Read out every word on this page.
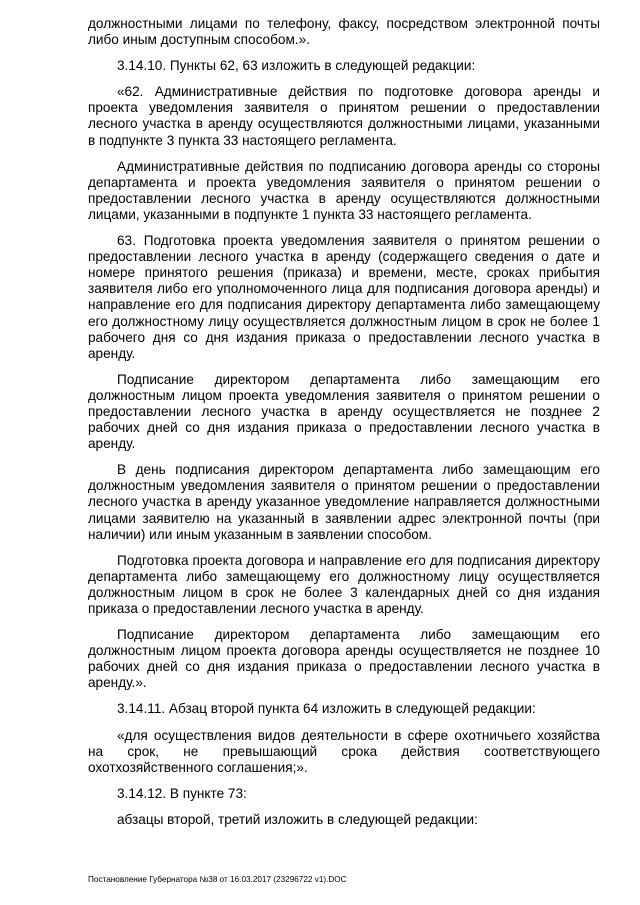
должностными лицами по телефону, факсу, посредством электронной почты либо иным доступным способом.».

3.14.10. Пункты 62, 63 изложить в следующей редакции:

«62. Административные действия по подготовке договора аренды и проекта уведомления заявителя о принятом решении о предоставлении лесного участка в аренду осуществляются должностными лицами, указанными в подпункте 3 пункта 33 настоящего регламента.

Административные действия по подписанию договора аренды со стороны департамента и проекта уведомления заявителя о принятом решении о предоставлении лесного участка в аренду осуществляются должностными лицами, указанными в подпункте 1 пункта 33 настоящего регламента.

63. Подготовка проекта уведомления заявителя о принятом решении о предоставлении лесного участка в аренду (содержащего сведения о дате и номере принятого решения (приказа) и времени, месте, сроках прибытия заявителя либо его уполномоченного лица для подписания договора аренды) и направление его для подписания директору департамента либо замещающему его должностному лицу осуществляется должностным лицом в срок не более 1 рабочего дня со дня издания приказа о предоставлении лесного участка в аренду.

Подписание директором департамента либо замещающим его должностным лицом проекта уведомления заявителя о принятом решении о предоставлении лесного участка в аренду осуществляется не позднее 2 рабочих дней со дня издания приказа о предоставлении лесного участка в аренду.

В день подписания директором департамента либо замещающим его должностным уведомления заявителя о принятом решении о предоставлении лесного участка в аренду указанное уведомление направляется должностными лицами заявителю на указанный в заявлении адрес электронной почты (при наличии) или иным указанным в заявлении способом.

Подготовка проекта договора и направление его для подписания директору департамента либо замещающему его должностному лицу осуществляется должностным лицом в срок не более 3 календарных дней со дня издания приказа о предоставлении лесного участка в аренду.

Подписание директором департамента либо замещающим его должностным лицом проекта договора аренды осуществляется не позднее 10 рабочих дней со дня издания приказа о предоставлении лесного участка в аренду.».

3.14.11. Абзац второй пункта 64 изложить в следующей редакции:

«для осуществления видов деятельности в сфере охотничьего хозяйства на срок, не превышающий срока действия соответствующего охотхозяйственного соглашения;».

3.14.12. В пункте 73:

абзацы второй, третий изложить в следующей редакции:

Постановление Губернатора №38 от 16.03.2017 (23296722 v1).DOC
